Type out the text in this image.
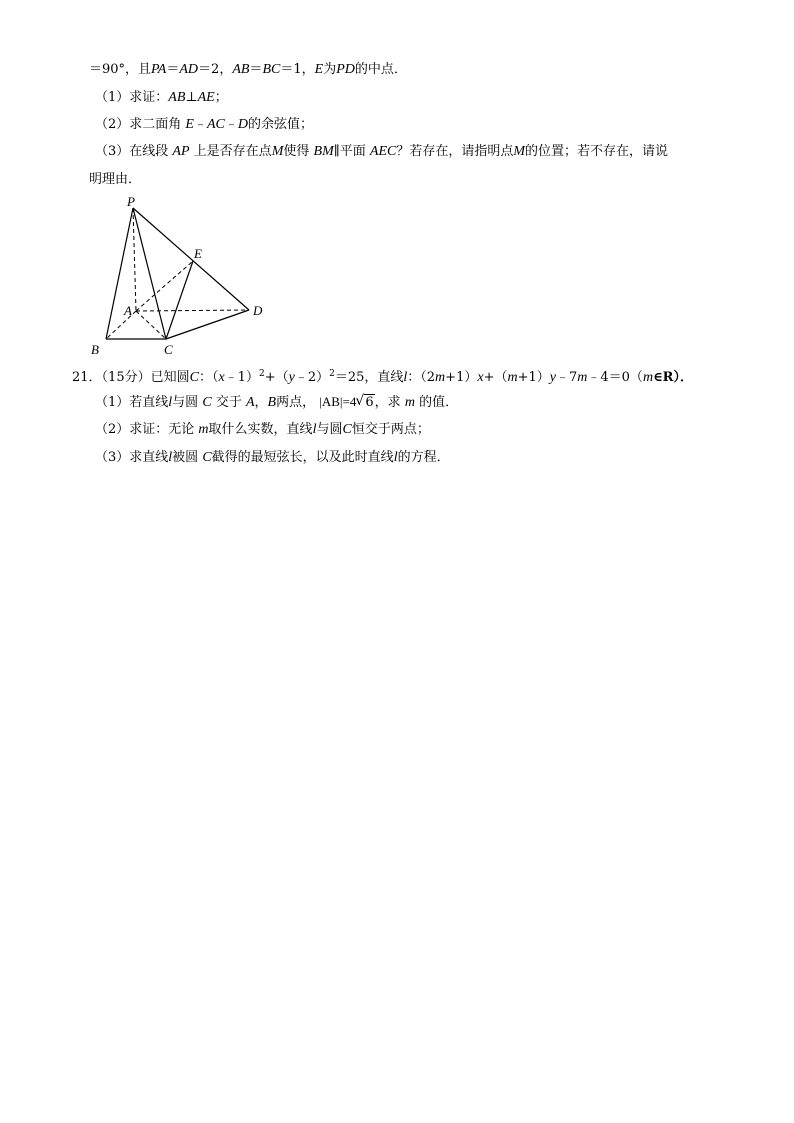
＝90°，且PA＝AD＝2，AB＝BC＝1，E为PD的中点．
（1）求证：AB⊥AE；
（2）求二面角 E﹣AC﹣D的余弦值；
（3）在线段 AP 上是否存在点M使得 BM∥平面 AEC？若存在，请指明点M的位置；若不存在，请说
明理由．
P
E
A	D
B	C
21．（15分）已知圆C：（x﹣1）$^2$+（y﹣2）$^2$＝25，直线l：（2m+1）x+（m+1）y﹣7m﹣4＝0（m∈R）．
（1）若直线l与圆 C 交于 A，B两点， |AB|=4√ 6，求 m 的值．
（2）求证：无论 m取什么实数，直线l与圆C恒交于两点；
（3）求直线l被圆 C截得的最短弦长，以及此时直线l的方程．
